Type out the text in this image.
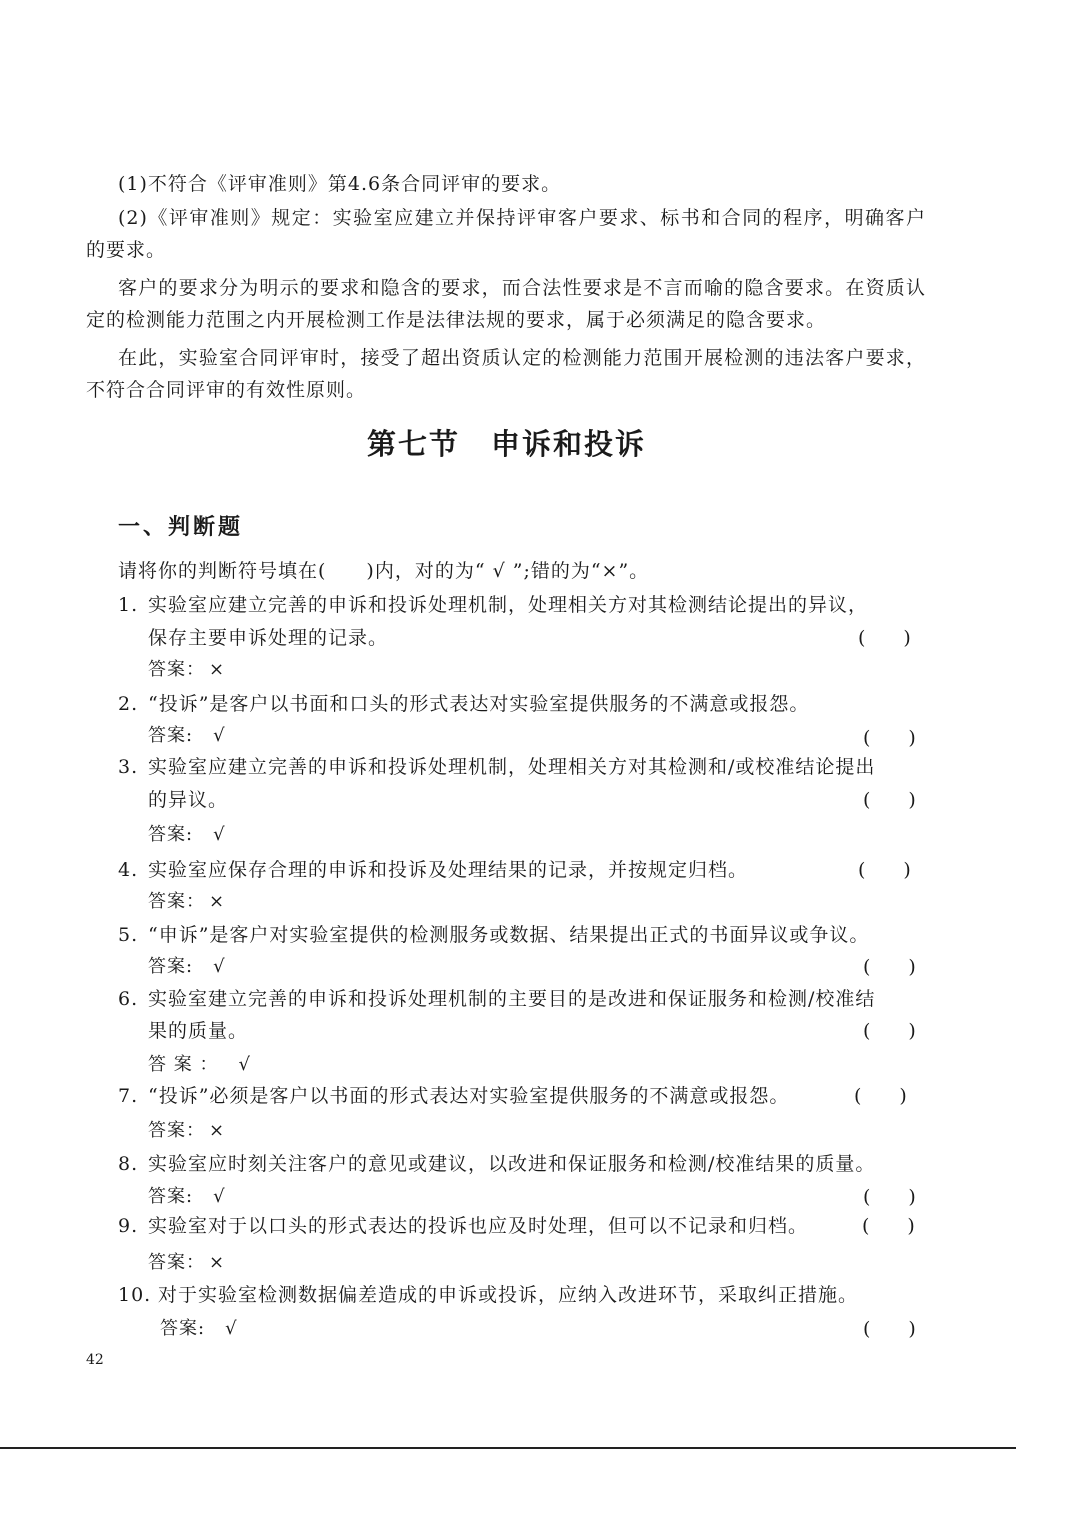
(1)不符合《评审准则》第4.6条合同评审的要求。

(2)《评审准则》规定：实验室应建立并保持评审客户要求、标书和合同的程序，明确客户的要求。

客户的要求分为明示的要求和隐含的要求，而合法性要求是不言而喻的隐含要求。在资质认定的检测能力范围之内开展检测工作是法律法规的要求，属于必须满足的隐含要求。

在此，实验室合同评审时，接受了超出资质认定的检测能力范围开展检测的违法客户要求，不符合合同评审的有效性原则。

第七节　申诉和投诉
一、判断题
请将你的判断符号填在(　　)内，对的为“ √ ”;错的为“×”。
1. 实验室应建立完善的申诉和投诉处理机制，处理相关方对其检测结论提出的异议，
保存主要申诉处理的记录。	(　　)
答案： ×
2. “投诉”是客户以书面和口头的形式表达对实验室提供服务的不满意或报怨。
答案: √	(　　)
3. 实验室应建立完善的申诉和投诉处理机制，处理相关方对其检测和/或校准结论提出
的异议。	(　　)
答案: √
4. 实验室应保存合理的申诉和投诉及处理结果的记录，并按规定归档。	(　　)
答案： ×
5. “申诉”是客户对实验室提供的检测服务或数据、结果提出正式的书面异议或争议。
答案: √	(　　)
6. 实验室建立完善的申诉和投诉处理机制的主要目的是改进和保证服务和检测/校准结
果的质量。	(　　)
答 案 ： √
7. “投诉”必须是客户以书面的形式表达对实验室提供服务的不满意或报怨。	(　　)
答案： ×
8. 实验室应时刻关注客户的意见或建议，以改进和保证服务和检测/校准结果的质量。
答案: √	(　　)
9. 实验室对于以口头的形式表达的投诉也应及时处理，但可以不记录和归档。	(　　)
答案： ×
10. 对于实验室检测数据偏差造成的申诉或投诉，应纳入改进环节，采取纠正措施。
答案: √	(　　)
42
